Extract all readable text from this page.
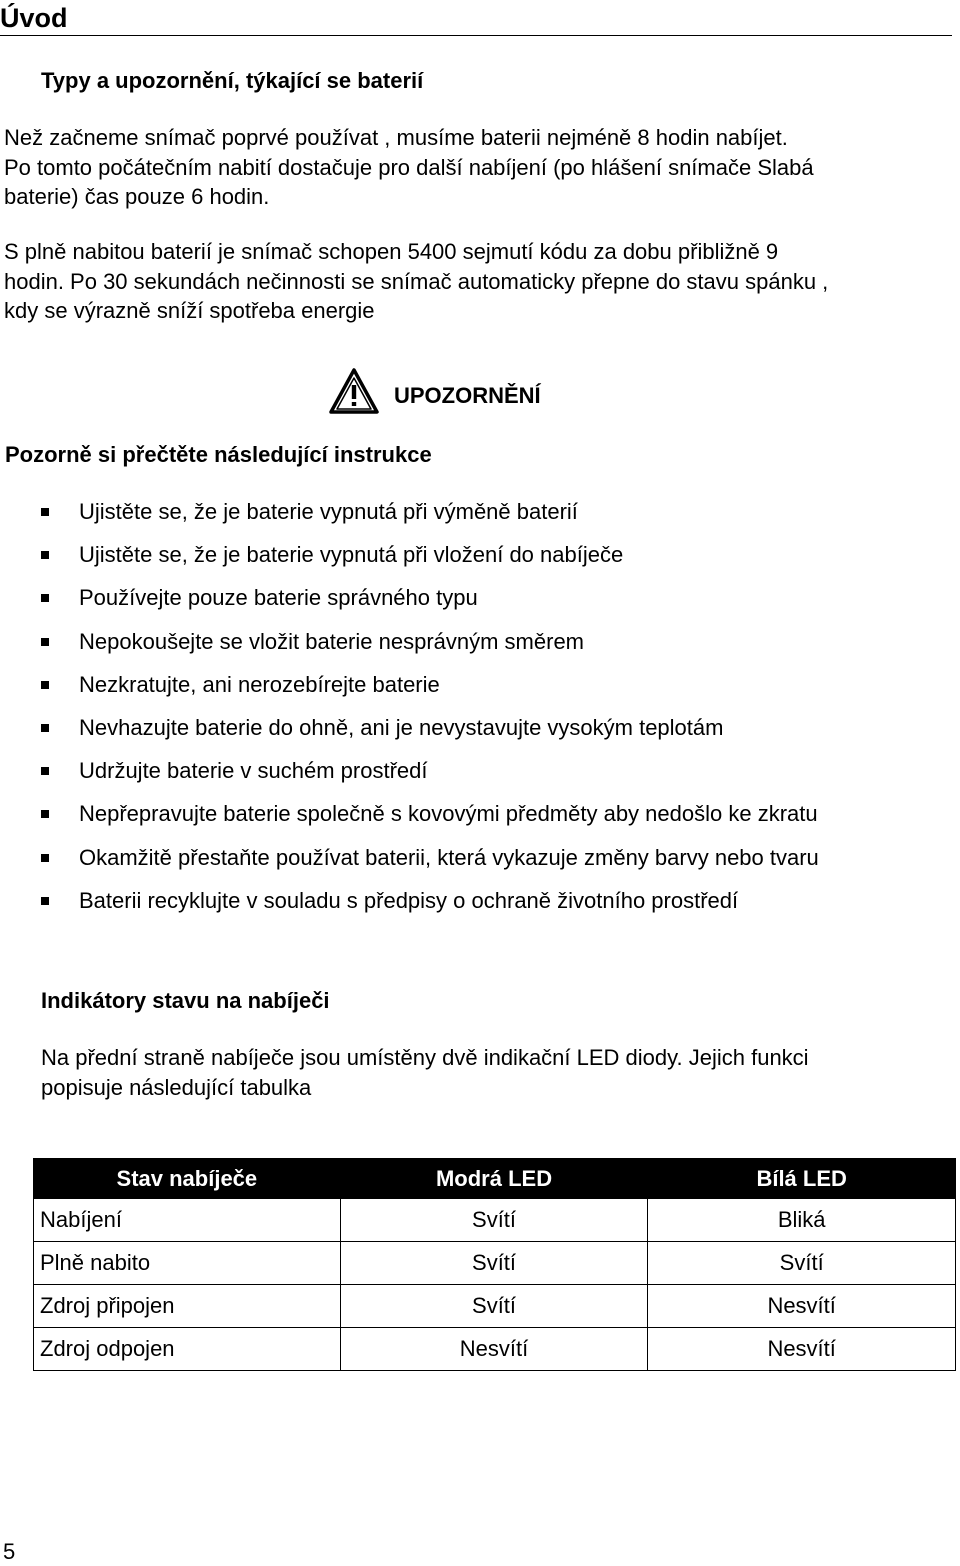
Úvod
Typy a upozornění, týkající se baterií
Než začneme snímač poprvé používat , musíme baterii nejméně 8 hodin nabíjet.
Po tomto počátečním nabití dostačuje pro další nabíjení (po hlášení snímače Slabá
baterie) čas pouze 6 hodin.
S plně nabitou baterií je snímač schopen 5400 sejmutí kódu za dobu přibližně 9
hodin. Po 30 sekundách nečinnosti se snímač automaticky přepne do stavu spánku ,
kdy se výrazně sníží spotřeba energie
UPOZORNĚNÍ
Pozorně si přečtěte následující instrukce
Ujistěte se, že je baterie vypnutá při výměně baterií
Ujistěte se, že je baterie vypnutá při vložení do nabíječe
Používejte pouze baterie správného typu
Nepokoušejte se vložit baterie nesprávným směrem
Nezkratujte, ani nerozebírejte baterie
Nevhazujte baterie do ohně, ani je nevystavujte vysokým teplotám
Udržujte baterie v suchém prostředí
Nepřepravujte baterie společně s kovovými předměty aby nedošlo ke zkratu
Okamžitě přestaňte používat baterii, která vykazuje změny barvy nebo tvaru
Baterii recyklujte v souladu s předpisy o ochraně životního prostředí
Indikátory stavu na nabíječi
Na přední straně nabíječe jsou umístěny dvě indikační LED diody. Jejich funkci
popisuje následující tabulka
Stav nabíječe	Modrá LED	Bílá LED
Nabíjení	Svítí	Bliká
Plně nabito	Svítí	Svítí
Zdroj připojen	Svítí	Nesvítí
Zdroj odpojen	Nesvítí	Nesvítí
5
